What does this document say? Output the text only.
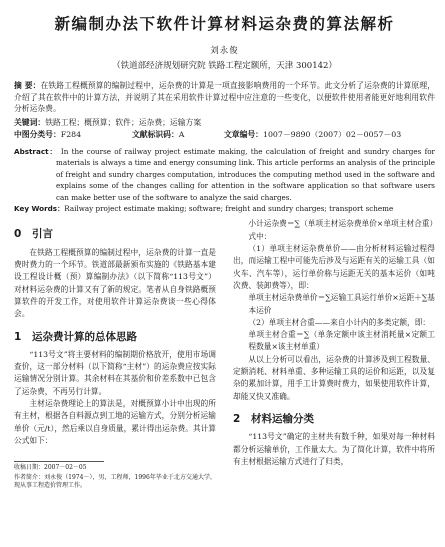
新编制办法下软件计算材料运杂费的算法解析
刘永俊
（铁道部经济规划研究院 铁路工程定额所，天津 300142）
摘 要：在铁路工程概预算的编制过程中，运杂费的计算是一项直接影响费用的一个环节。此文分析了运杂费的计算原理，介绍了其在软件中的计算方法，并说明了其在采用软件计算过程中应注意的一些变化，以便软件使用者能更好地利用软件分析运杂费。
关键词：铁路工程；概预算；软件；运杂费；运输方案
中图分类号：F284	文献标识码：A	文章编号：1007－9890（2007）02－0057－03
Abstract： In the course of railway project estimate making, the calculation of freight and sundry charges for materials is always a time and energy consuming link. This article performs an analysis of the principle of freight and sundry charges computation, introduces the computing method used in the software and explains some of the changes calling for attention in the software application so that software users can make better use of the software to analyze the said charges.
Key Words：Railway project estimate making; software; freight and sundry charges; transport scheme
0 引言

在铁路工程概预算的编制过程中，运杂费的计算一直是费时费力的一个环节。铁道部最新颁布实施的《铁路基本建设工程设计概（预）算编制办法》（以下简称“113号文”）对材料运杂费的计算又有了新的规定。笔者从自身铁路概预算软件的开发工作，对使用软件计算运杂费谈一些心得体会。

1 运杂费计算的总体思路

“113号文”将主要材料的编制期价格放开，使用市场调查价，这一部分材料（以下简称“主材”）的运杂费应按实际运输情况分别计算。其余材料在其基价和价差系数中已包含了运杂费，不再另行计算。

主材运杂费理论上的算法是，对概预算小计中出现的所有主材，根据各自料源点到工地的运输方式，分别分析运输单价（元/t），然后乘以自身质量，累计得出运杂费。其计算公式如下：

收稿日期：2007－02－05
作者简介：刘永俊（1974－），男，工程师，1996年毕业于北方交通大学，现从事工程造价管理工作。
小计运杂费＝∑（单项主材运杂费单价×单项主材合重）
式中：

（1）单项主材运杂费单价——由分析材料运输过程得出，而运输工程中可能先后涉及与运距有关的运输工具（如火车、汽车等），运行单价称与运距无关的基本运价（如吨次费、装卸费等），即：

单项主材运杂费单价＝∑运输工具运行单价×运距＋∑基本运价

（2）单项主材合重——来自小计内的多类定额，即：

单项主材合重＝∑（单条定额中该主材消耗量×定额工程数量×该主材单重）

从以上分析可以看出，运杂费的计算涉及到工程数量、定额消耗、材料单重、多种运输工具的运价和运距，以及复杂的累加计算，用手工计算费时费力，如果使用软件计算，却能又快又准确。

2 材料运输分类

“113号文”确定的主材共有数千种，如果对每一种材料都分析运输单价，工作量太大。为了简化计算，软件中将所有主材根据运输方式进行了归类，
